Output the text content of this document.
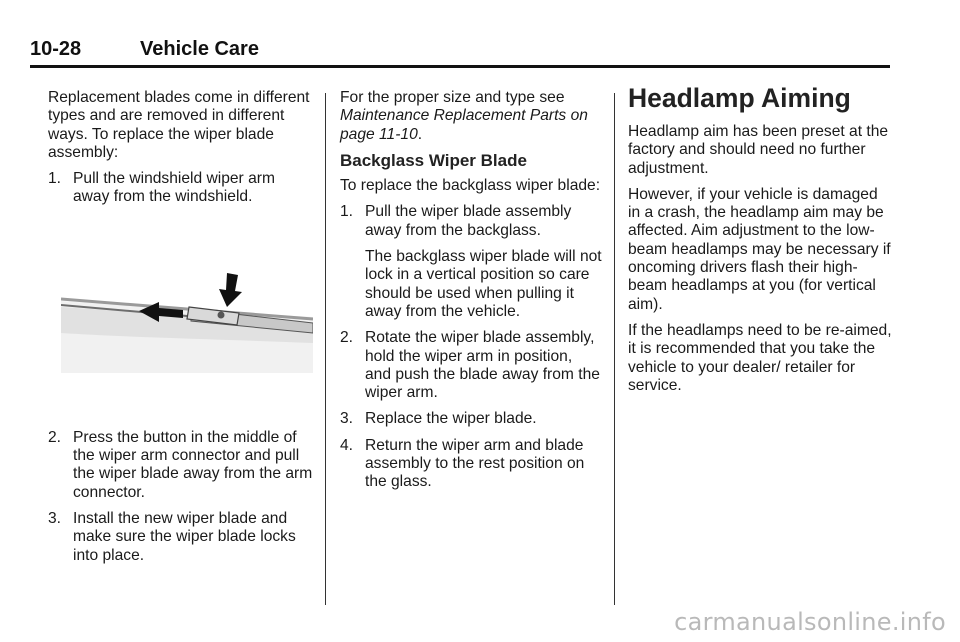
10-28	Vehicle Care

Replacement blades come in different types and are removed in different ways. To replace the wiper blade assembly:

1. Pull the windshield wiper arm away from the windshield.
2. Press the button in the middle of the wiper arm connector and pull the wiper blade away from the arm connector.
3. Install the new wiper blade and make sure the wiper blade locks into place.

For the proper size and type see Maintenance Replacement Parts on page 11-10.

Backglass Wiper Blade

To replace the backglass wiper blade:

1. Pull the wiper blade assembly away from the backglass.

The backglass wiper blade will not lock in a vertical position so care should be used when pulling it away from the vehicle.

2. Rotate the wiper blade assembly, hold the wiper arm in position, and push the blade away from the wiper arm.
3. Replace the wiper blade.
4. Return the wiper arm and blade assembly to the rest position on the glass.
Headlamp Aiming

Headlamp aim has been preset at the factory and should need no further adjustment.

However, if your vehicle is damaged in a crash, the headlamp aim may be affected. Aim adjustment to the low-beam headlamps may be necessary if oncoming drivers flash their high-beam headlamps at you (for vertical aim).

If the headlamps need to be re-aimed, it is recommended that you take the vehicle to your dealer/ retailer for service.

carmanualsonline.info
